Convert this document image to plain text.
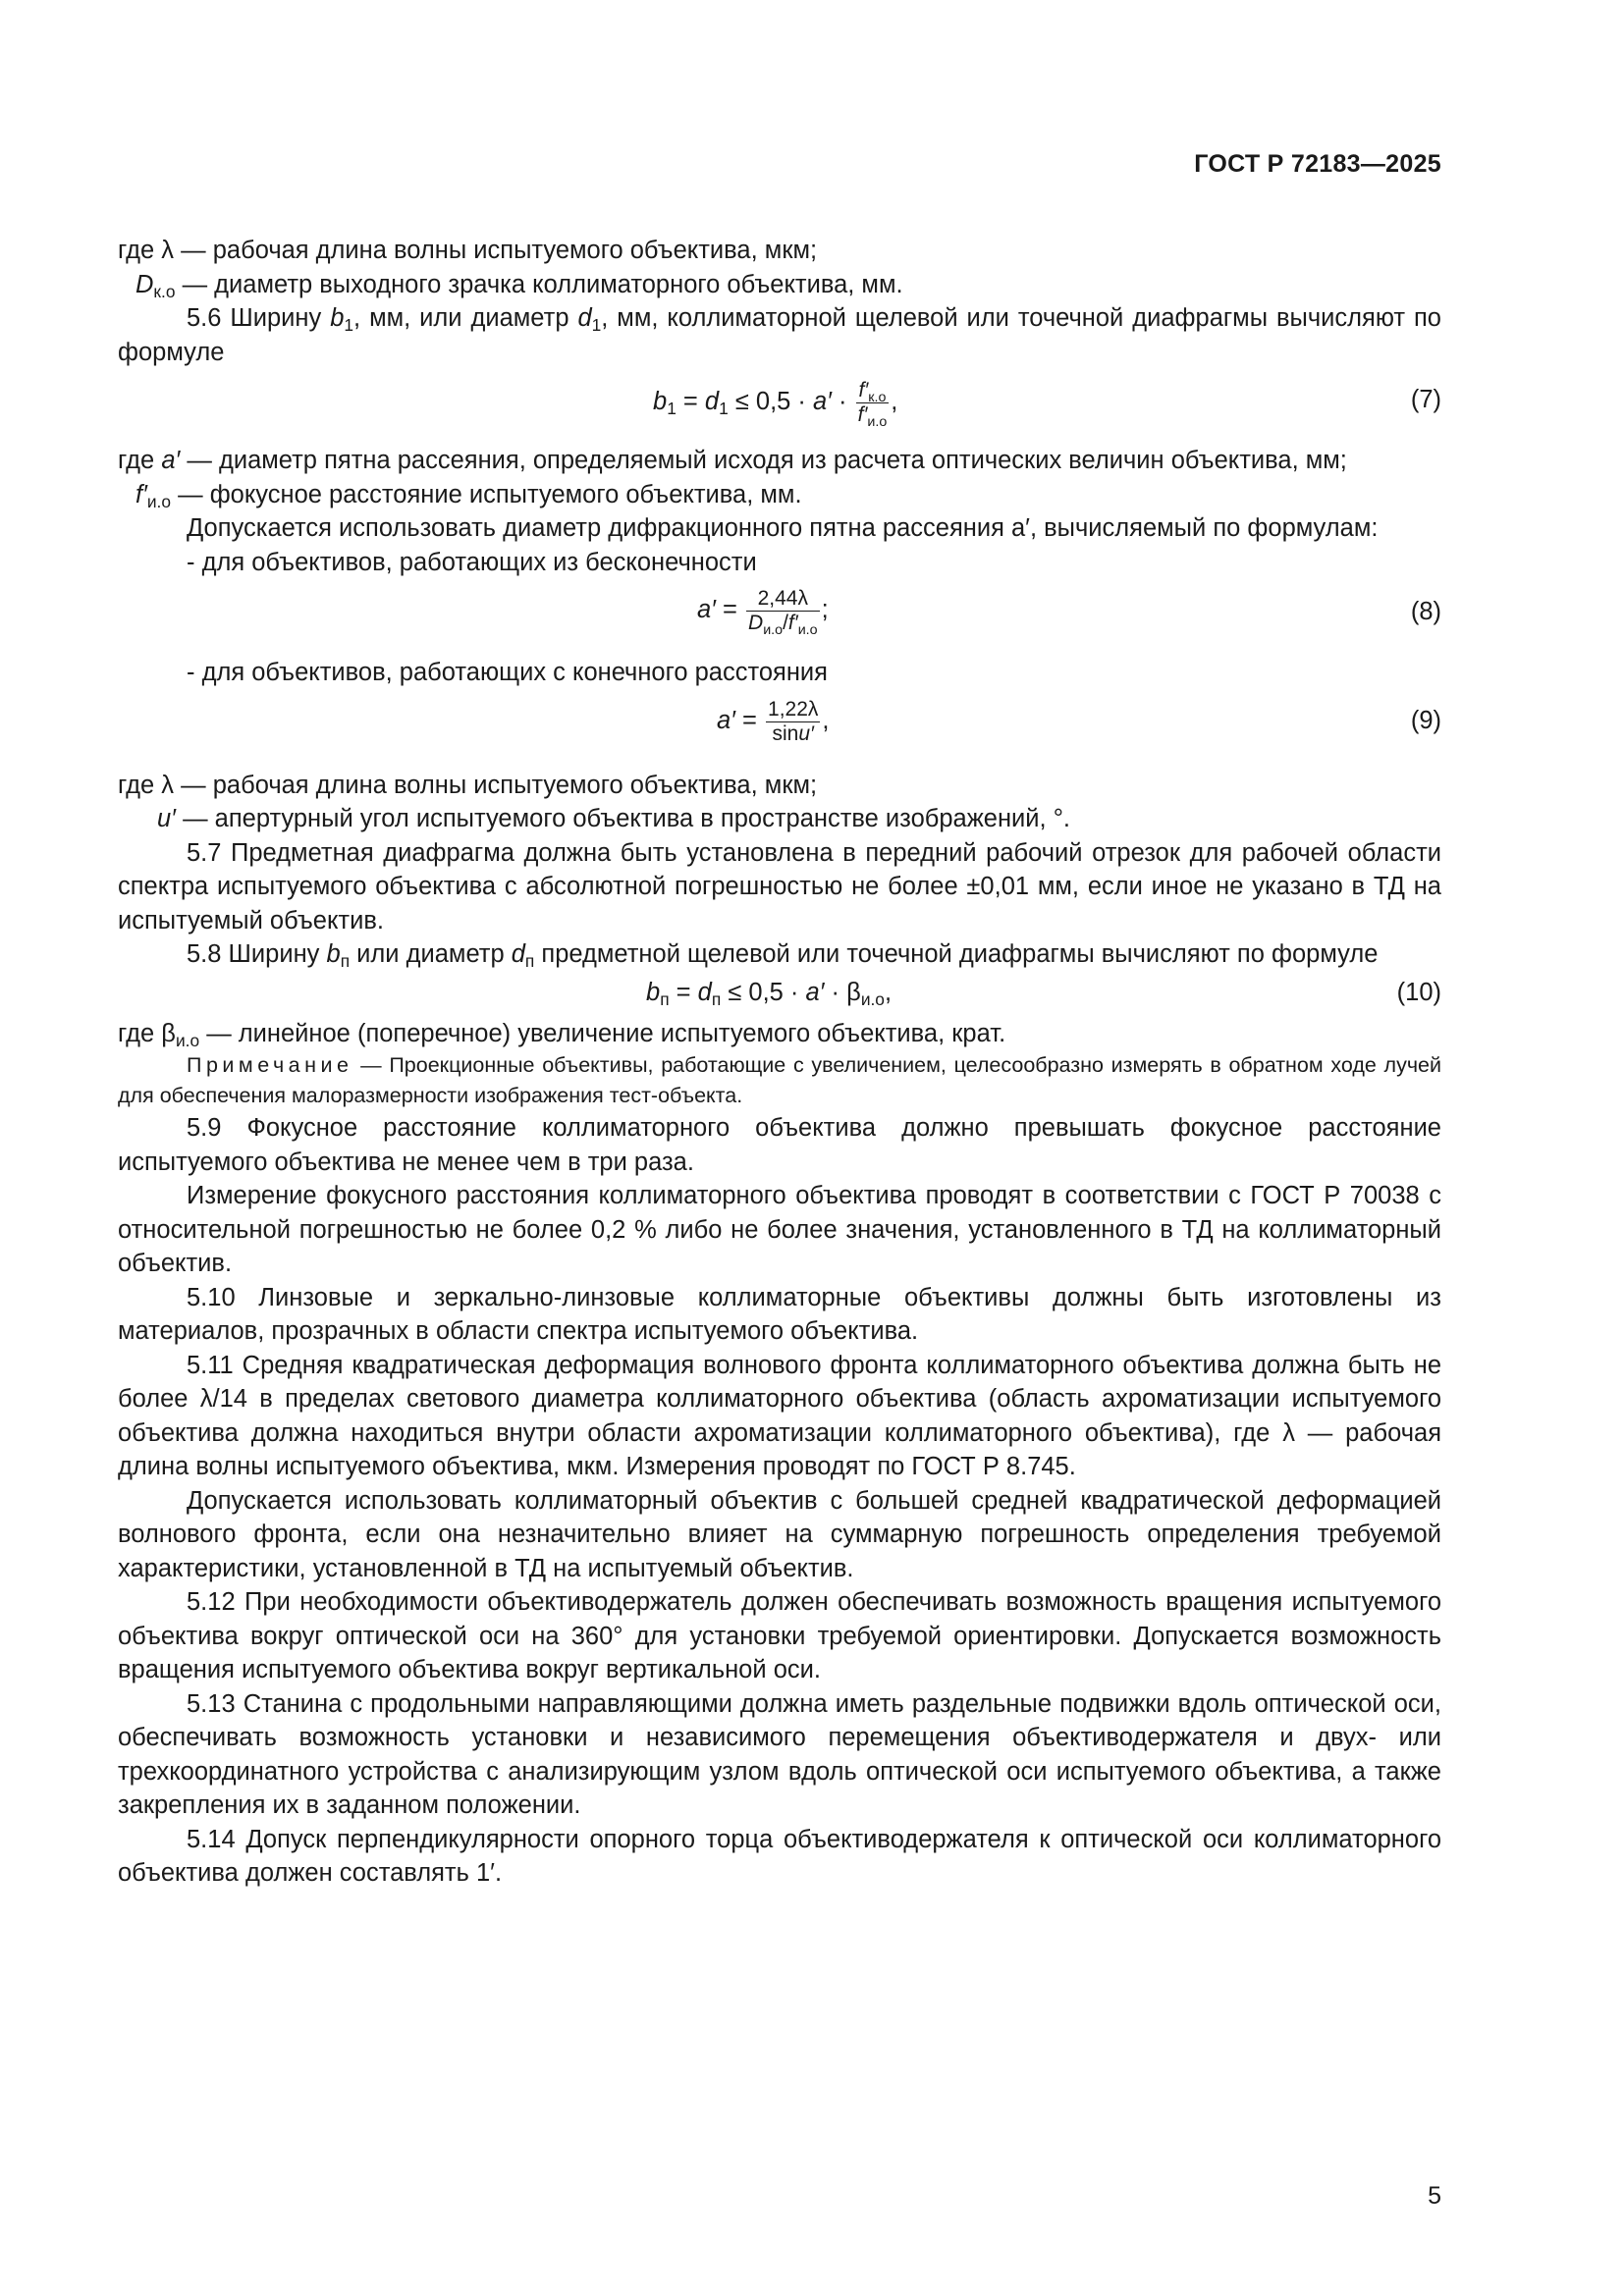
ГОСТ Р 72183—2025

где λ — рабочая длина волны испытуемого объектива, мкм;

$D_{к.о}$ — диаметр выходного зрачка коллиматорного объектива, мм.

5.6 Ширину $b_1$, мм, или диаметр $d_1$, мм, коллиматорной щелевой или точечной диафрагмы вычисляют по формуле

$b_1 = d_1 \le 0,5 \cdot a' \cdot \frac{f'_{к.о}}{f'_{и.о}}$ ,	(7)

где a′ — диаметр пятна рассеяния, определяемый исходя из расчета оптических величин объектива, мм;

$f'_{и.о}$ — фокусное расстояние испытуемого объектива, мм.

Допускается использовать диаметр дифракционного пятна рассеяния a′, вычисляемый по формулам:

- для объективов, работающих из бесконечности

$a' = \frac{2,44\lambda}{D_{и.о}/f'_{и.о}}$ ;	(8)

- для объективов, работающих с конечного расстояния

$a' = \frac{1,22\lambda}{\sin u'}$ ,	(9)

где λ — рабочая длина волны испытуемого объектива, мкм;

u′ — апертурный угол испытуемого объектива в пространстве изображений, °.

5.7 Предметная диафрагма должна быть установлена в передний рабочий отрезок для рабочей области спектра испытуемого объектива с абсолютной погрешностью не более ±0,01 мм, если иное не указано в ТД на испытуемый объектив.

5.8 Ширину $b_п$ или диаметр $d_п$ предметной щелевой или точечной диафрагмы вычисляют по формуле

$b_п = d_п \le 0,5 \cdot a' \cdot \beta_{и.о}$,	(10)

где $\beta_{и.о}$ — линейное (поперечное) увеличение испытуемого объектива, крат.

Примечание — Проекционные объективы, работающие с увеличением, целесообразно измерять в обратном ходе лучей для обеспечения малоразмерности изображения тест-объекта.

5.9 Фокусное расстояние коллиматорного объектива должно превышать фокусное расстояние испытуемого объектива не менее чем в три раза.

Измерение фокусного расстояния коллиматорного объектива проводят в соответствии с ГОСТ Р 70038 с относительной погрешностью не более 0,2 % либо не более значения, установленного в ТД на коллиматорный объектив.

5.10 Линзовые и зеркально-линзовые коллиматорные объективы должны быть изготовлены из материалов, прозрачных в области спектра испытуемого объектива.

5.11 Средняя квадратическая деформация волнового фронта коллиматорного объектива должна быть не более λ/14 в пределах светового диаметра коллиматорного объектива (область ахроматизации испытуемого объектива должна находиться внутри области ахроматизации коллиматорного объектива), где λ — рабочая длина волны испытуемого объектива, мкм. Измерения проводят по ГОСТ Р 8.745.

Допускается использовать коллиматорный объектив с большей средней квадратической деформацией волнового фронта, если она незначительно влияет на суммарную погрешность определения требуемой характеристики, установленной в ТД на испытуемый объектив.

5.12 При необходимости объективодержатель должен обеспечивать возможность вращения испытуемого объектива вокруг оптической оси на 360° для установки требуемой ориентировки. Допускается возможность вращения испытуемого объектива вокруг вертикальной оси.

5.13 Станина с продольными направляющими должна иметь раздельные подвижки вдоль оптической оси, обеспечивать возможность установки и независимого перемещения объективодержателя и двух- или трехкоординатного устройства с анализирующим узлом вдоль оптической оси испытуемого объектива, а также закрепления их в заданном положении.

5.14 Допуск перпендикулярности опорного торца объективодержателя к оптической оси коллиматорного объектива должен составлять 1′.

5
